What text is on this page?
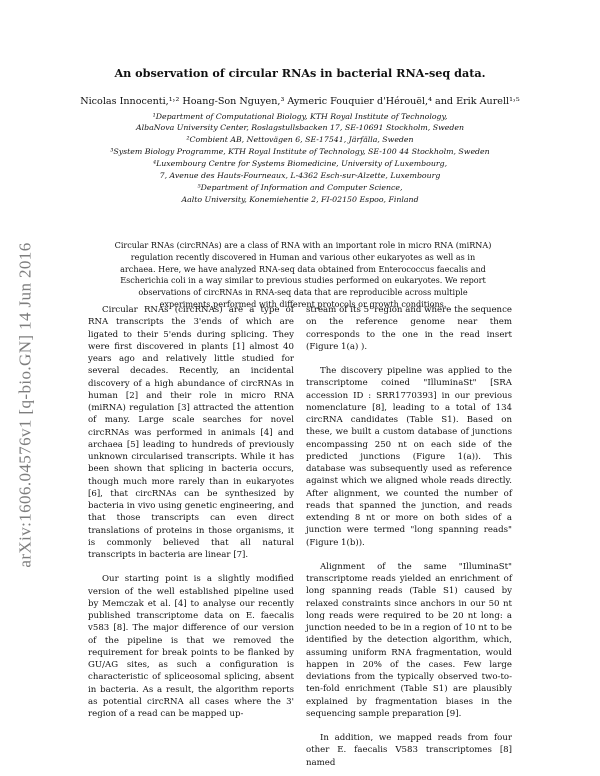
arXiv:1606.04576v1 [q-bio.GN] 14 Jun 2016
An observation of circular RNAs in bacterial RNA-seq data.
Nicolas Innocenti,¹˒² Hoang-Son Nguyen,³ Aymeric Fouquier d'Hérouël,⁴ and Erik Aurell¹˒⁵
¹Department of Computational Biology, KTH Royal Institute of Technology,
AlbaNova University Center, Roslagstullsbacken 17, SE-10691 Stockholm, Sweden
²Combient AB, Nettovägen 6, SE-17541, Järfälla, Sweden
³System Biology Programme, KTH Royal Institute of Technology, SE-100 44 Stockholm, Sweden
⁴Luxembourg Centre for Systems Biomedicine, University of Luxembourg,
7, Avenue des Hauts-Fourneaux, L-4362 Esch-sur-Alzette, Luxembourg
⁵Department of Information and Computer Science,
Aalto University, Konemiehentie 2, FI-02150 Espoo, Finland
Circular RNAs (circRNAs) are a class of RNA with an important role in micro RNA (miRNA) regulation recently discovered in Human and various other eukaryotes as well as in archaea. Here, we have analyzed RNA-seq data obtained from Enterococcus faecalis and Escherichia coli in a way similar to previous studies performed on eukaryotes. We report observations of circRNAs in RNA-seq data that are reproducible across multiple experiments performed with different protocols or growth conditions.

Circular RNAs (circRNAs) are a type of RNA transcripts the 3'ends of which are ligated to their 5'ends during splicing. They were first discovered in plants [1] almost 40 years ago and relatively little studied for several decades. Recently, an incidental discovery of a high abundance of circRNAs in human [2] and their role in micro RNA (miRNA) regulation [3] attracted the attention of many. Large scale searches for novel circRNAs was performed in animals [4] and archaea [5] leading to hundreds of previously unknown circularised transcripts. While it has been shown that splicing in bacteria occurs, though much more rarely than in eukaryotes [6], that circRNAs can be synthesized by bacteria in vivo using genetic engineering, and that those transcripts can even direct translations of proteins in those organisms, it is commonly believed that all natural transcripts in bacteria are linear [7].

Our starting point is a slightly modified version of the well established pipeline used by Memczak et al. [4] to analyse our recently published transcriptome data on E. faecalis v583 [8]. The major difference of our version of the pipeline is that we removed the requirement for break points to be flanked by GU/AG sites, as such a configuration is characteristic of spliceosomal splicing, absent in bacteria. As a result, the algorithm reports as potential circRNA all cases where the 3' region of a read can be mapped up-

stream of its 5' region and where the sequence on the reference genome near them corresponds to the one in the read insert (Figure 1(a) ).

The discovery pipeline was applied to the transcriptome coined "IlluminaSt" [SRA accession ID : SRR1770393] in our previous nomenclature [8], leading to a total of 134 circRNA candidates (Table S1). Based on these, we built a custom database of junctions encompassing 250 nt on each side of the predicted junctions (Figure 1(a)). This database was subsequently used as reference against which we aligned whole reads directly. After alignment, we counted the number of reads that spanned the junction, and reads extending 8 nt or more on both sides of a junction were termed "long spanning reads" (Figure 1(b)).

Alignment of the same "IlluminaSt" transcriptome reads yielded an enrichment of long spanning reads (Table S1) caused by relaxed constraints since anchors in our 50 nt long reads were required to be 20 nt long: a junction needed to be in a region of 10 nt to be identified by the detection algorithm, which, assuming uniform RNA fragmentation, would happen in 20% of the cases. Few large deviations from the typically observed two-to-ten-fold enrichment (Table S1) are plausibly explained by fragmentation biases in the sequencing sample preparation [9].

In addition, we mapped reads from four other E. faecalis V583 transcriptomes [8] named
